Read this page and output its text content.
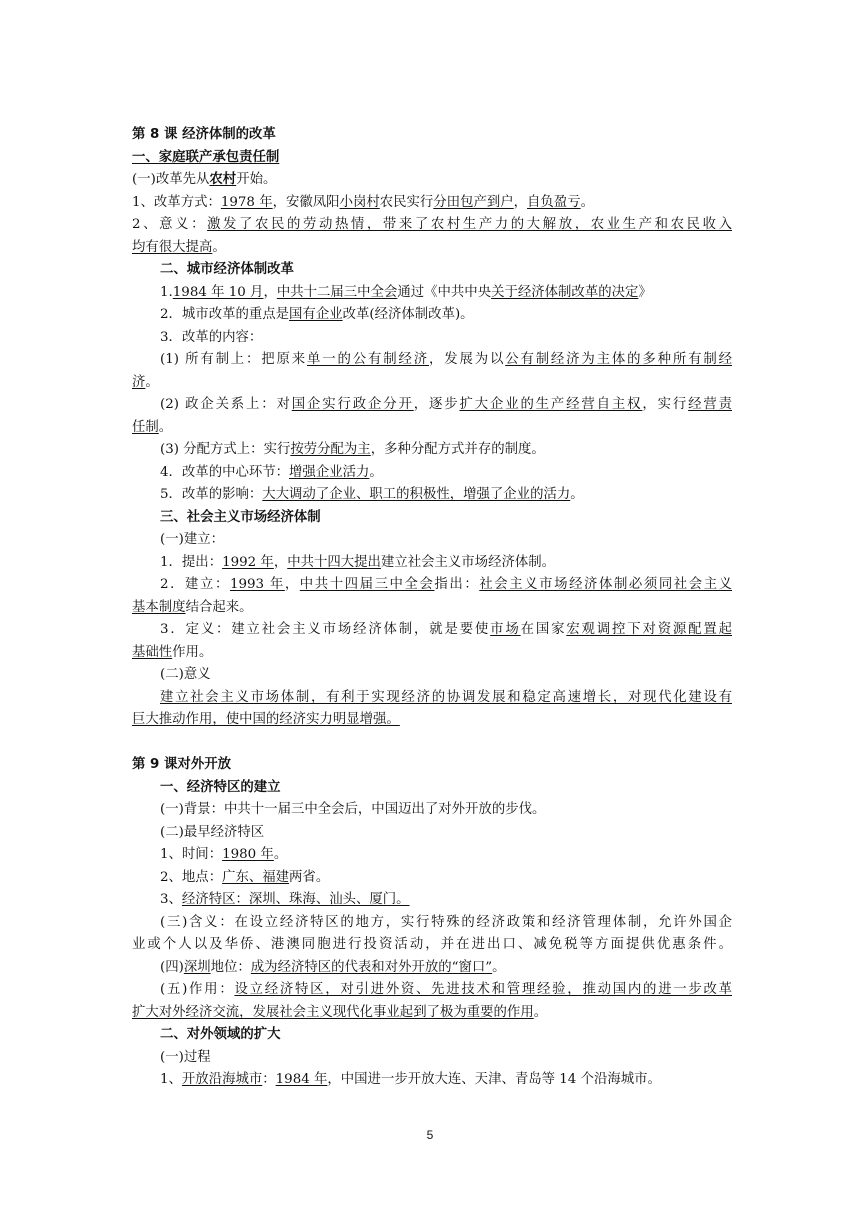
第 8 课 经济体制的改革
一、家庭联产承包责任制
(一)改革先从农村开始。
1、改革方式：1978 年，安徽凤阳小岗村农民实行分田包产到户，自负盈亏。
2、意义：激发了农民的劳动热情，带来了农村生产力的大解放，农业生产和农民收入
均有很大提高。
二、城市经济体制改革
1.1984 年 10 月，中共十二届三中全会通过《中共中央关于经济体制改革的决定》
2．城市改革的重点是国有企业改革(经济体制改革)。
3．改革的内容：
(1) 所有制上：把原来单一的公有制经济，发展为以公有制经济为主体的多种所有制经
济。
(2) 政企关系上：对国企实行政企分开，逐步扩大企业的生产经营自主权，实行经营责
任制。
(3) 分配方式上：实行按劳分配为主，多种分配方式并存的制度。
4．改革的中心环节：增强企业活力。
5．改革的影响：大大调动了企业、职工的积极性，增强了企业的活力。
三、社会主义市场经济体制
(一)建立：
1．提出：1992 年，中共十四大提出建立社会主义市场经济体制。
2．建立：1993 年，中共十四届三中全会指出：社会主义市场经济体制必须同社会主义
基本制度结合起来。
3．定义：建立社会主义市场经济体制，就是要使市场在国家宏观调控下对资源配置起
基础性作用。
(二)意义
建立社会主义市场体制，有利于实现经济的协调发展和稳定高速增长，对现代化建设有
巨大推动作用，使中国的经济实力明显增强。
第 9 课对外开放
一、经济特区的建立
(一)背景：中共十一届三中全会后，中国迈出了对外开放的步伐。
(二)最早经济特区
1、时间：1980 年。
2、地点：广东、福建两省。
3、经济特区：深圳、珠海、汕头、厦门。
(三)含义：在设立经济特区的地方，实行特殊的经济政策和经济管理体制，允许外国企
业或个人以及华侨、港澳同胞进行投资活动，并在进出口、减免税等方面提供优惠条件。
(四)深圳地位：成为经济特区的代表和对外开放的“窗口”。
(五)作用：设立经济特区，对引进外资、先进技术和管理经验，推动国内的进一步改革
扩大对外经济交流，发展社会主义现代化事业起到了极为重要的作用。
二、对外领域的扩大
(一)过程
1、开放沿海城市：1984 年，中国进一步开放大连、天津、青岛等 14 个沿海城市。
5
